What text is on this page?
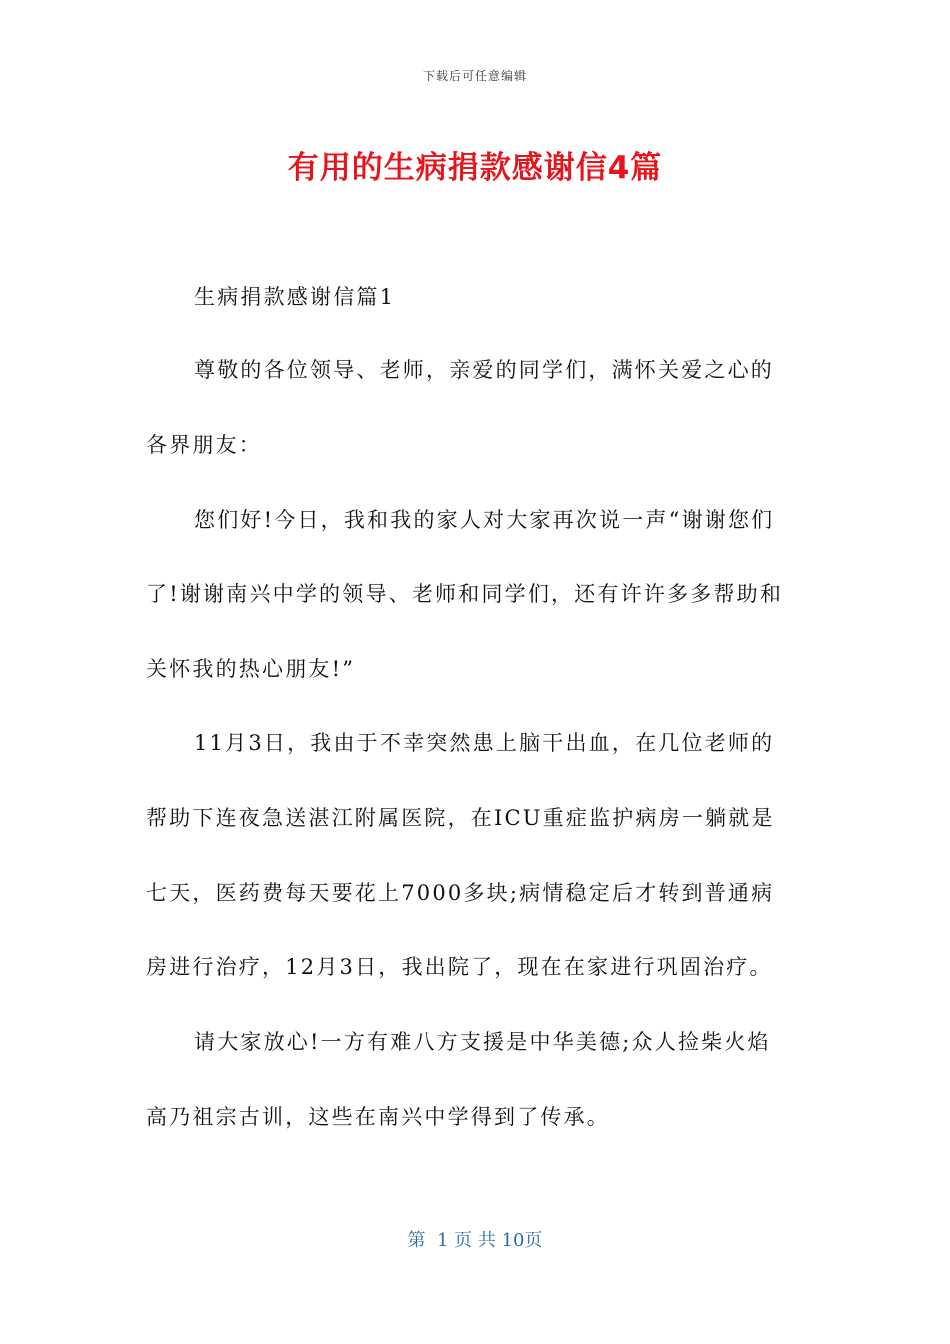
下载后可任意编辑
有用的生病捐款感谢信4篇
生病捐款感谢信篇1
尊敬的各位领导、老师，亲爱的同学们，满怀关爱之心的
各界朋友：
您们好!今日，我和我的家人对大家再次说一声“谢谢您们
了!谢谢南兴中学的领导、老师和同学们，还有许许多多帮助和
关怀我的热心朋友!”
11月3日，我由于不幸突然患上脑干出血，在几位老师的
帮助下连夜急送湛江附属医院，在ICU重症监护病房一躺就是
七天，医药费每天要花上7000多块;病情稳定后才转到普通病
房进行治疗，12月3日，我出院了，现在在家进行巩固治疗。
请大家放心!一方有难八方支援是中华美德;众人捡柴火焰
高乃祖宗古训，这些在南兴中学得到了传承。
第  1 页 共 10页
